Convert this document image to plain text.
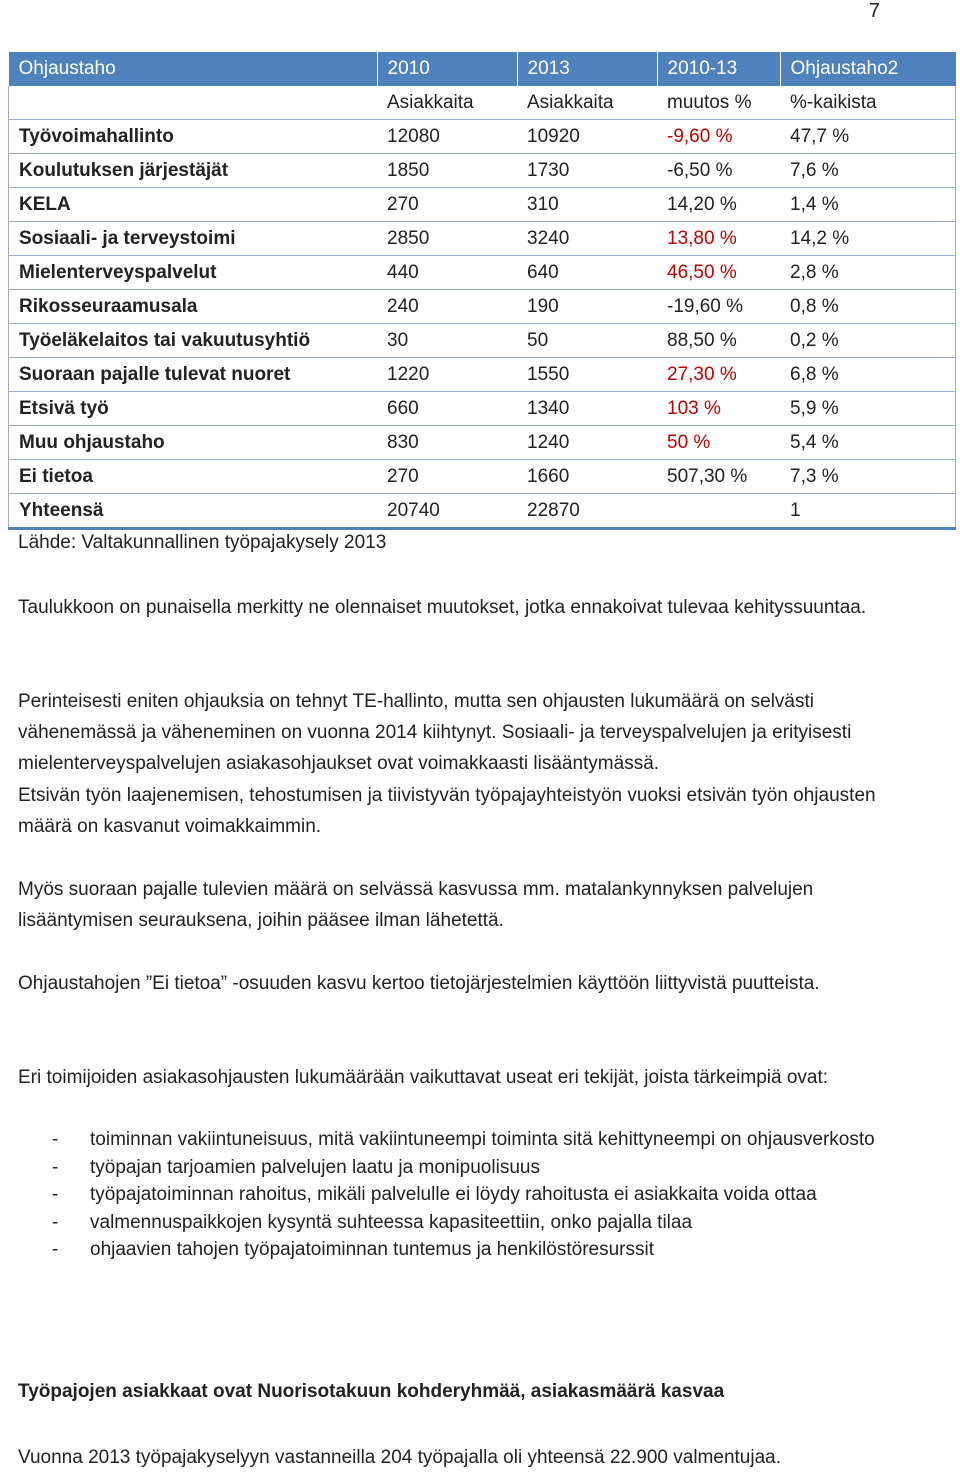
7
Ohjaustaho	2010	2013	2010-13	Ohjaustaho2
	Asiakkaita	Asiakkaita	muutos %	%-kaikista
Työvoimahallinto	12080	10920	-9,60 %	47,7 %
Koulutuksen järjestäjät	1850	1730	-6,50 %	7,6 %
KELA	270	310	14,20 %	1,4 %
Sosiaali- ja terveystoimi	2850	3240	13,80 %	14,2 %
Mielenterveyspalvelut	440	640	46,50 %	2,8 %
Rikosseuraamusala	240	190	-19,60 %	0,8 %
Työeläkelaitos tai vakuutusyhtiö	30	50	88,50 %	0,2 %
Suoraan pajalle tulevat nuoret	1220	1550	27,30 %	6,8 %
Etsivä työ	660	1340	103 %	5,9 %
Muu ohjaustaho	830	1240	50 %	5,4 %
Ei tietoa	270	1660	507,30 %	7,3 %
Yhteensä	20740	22870		1
Lähde: Valtakunnallinen työpajakysely 2013

Taulukkoon on punaisella merkitty ne olennaiset muutokset, jotka ennakoivat tulevaa kehityssuuntaa.

Perinteisesti eniten ohjauksia on tehnyt TE-hallinto, mutta sen ohjausten lukumäärä on selvästi vähenemässä ja väheneminen on vuonna 2014 kiihtynyt. Sosiaali- ja terveyspalvelujen ja erityisesti mielenterveyspalvelujen asiakasohjaukset ovat voimakkaasti lisääntymässä.

Etsivän työn laajenemisen, tehostumisen ja tiivistyvän työpajayhteistyön vuoksi etsivän työn ohjausten määrä on kasvanut voimakkaimmin.

Myös suoraan pajalle tulevien määrä on selvässä kasvussa mm. matalankynnyksen palvelujen lisääntymisen seurauksena, joihin pääsee ilman lähetettä.

Ohjaustahojen ”Ei tietoa” -osuuden kasvu kertoo tietojärjestelmien käyttöön liittyvistä puutteista.

Eri toimijoiden asiakasohjausten lukumäärään vaikuttavat useat eri tekijät, joista tärkeimpiä ovat:

- toiminnan vakiintuneisuus, mitä vakiintuneempi toiminta sitä kehittyneempi on ohjausverkosto
- työpajan tarjoamien palvelujen laatu ja monipuolisuus
- työpajatoiminnan rahoitus, mikäli palvelulle ei löydy rahoitusta ei asiakkaita voida ottaa
- valmennuspaikkojen kysyntä suhteessa kapasiteettiin, onko pajalla tilaa
- ohjaavien tahojen työpajatoiminnan tuntemus ja henkilöstöresurssit
Työpajojen asiakkaat ovat Nuorisotakuun kohderyhmää, asiakasmäärä kasvaa

Vuonna 2013 työpajakyselyyn vastanneilla 204 työpajalla oli yhteensä 22.900 valmentujaa.
